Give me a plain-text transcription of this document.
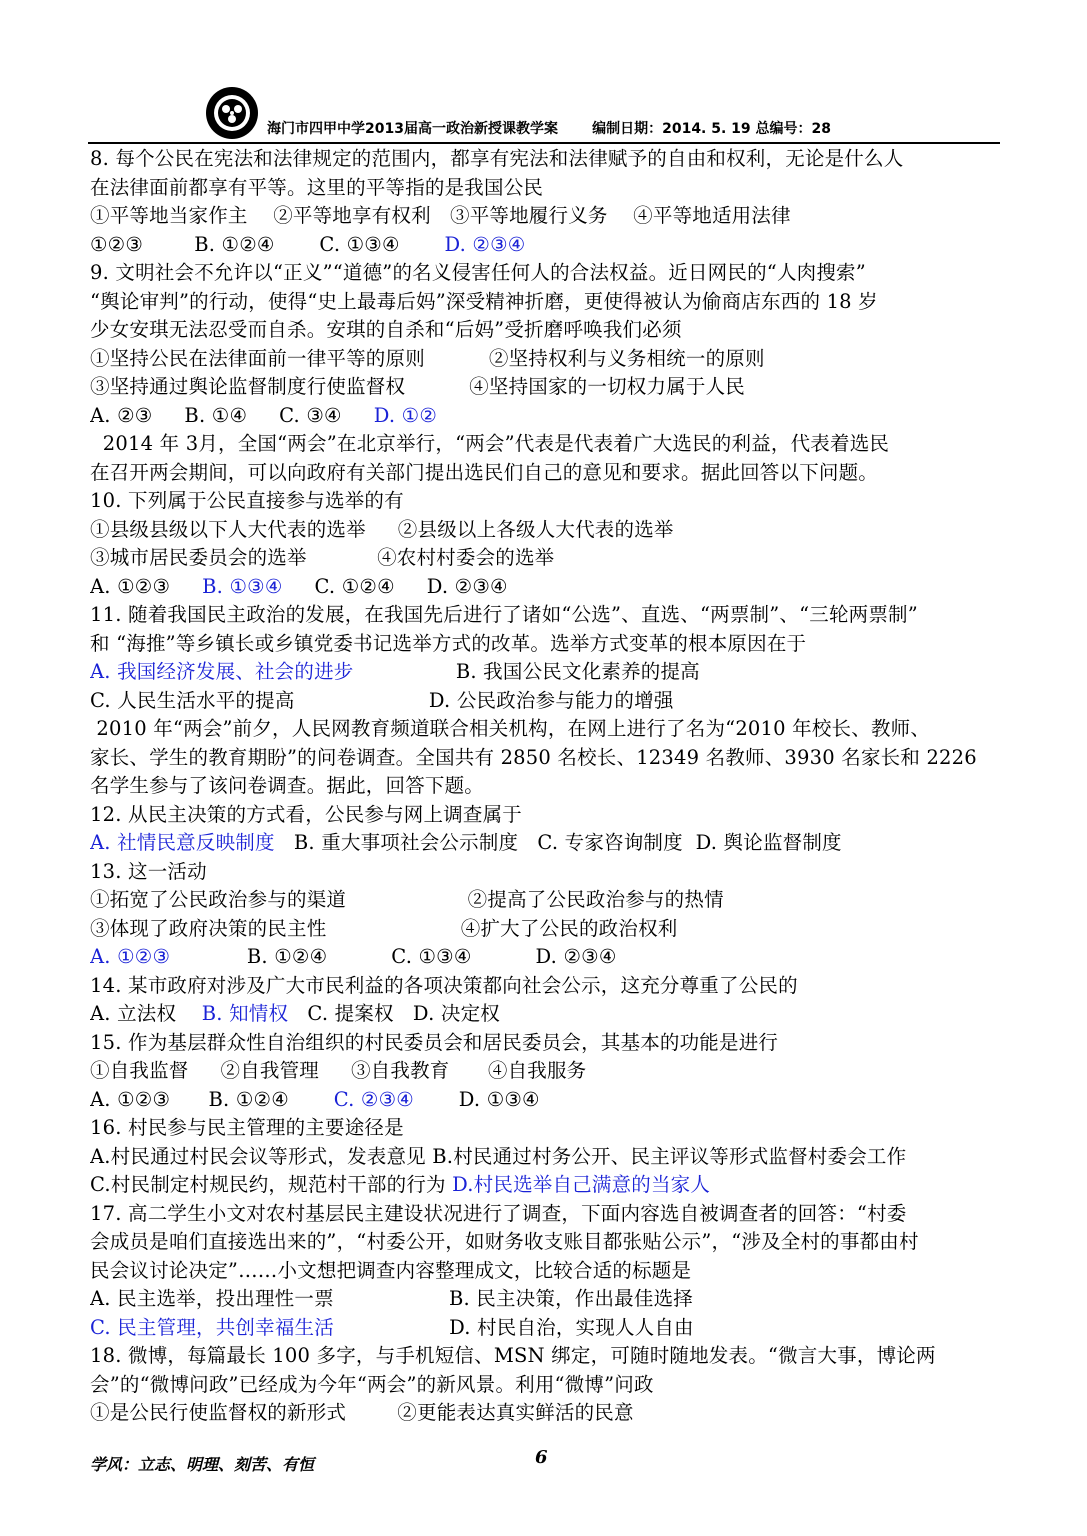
海门市四甲中学2013届高一政治新授课教学案 编制日期：2014. 5. 19 总编号：28
8. 每个公民在宪法和法律规定的范围内，都享有宪法和法律赋予的自由和权利，无论是什么人
在法律面前都享有平等。这里的平等指的是我国公民
①平等地当家作主    ②平等地享有权利   ③平等地履行义务    ④平等地适用法律
①②③        B. ①②④       C. ①③④       D. ②③④
9. 文明社会不允许以“正义”“道德”的名义侵害任何人的合法权益。近日网民的“人肉搜索”
“舆论审判”的行动，使得“史上最毒后妈”深受精神折磨，更使得被认为偷商店东西的 18 岁
少女安琪无法忍受而自杀。安琪的自杀和“后妈”受折磨呼唤我们必须
①坚持公民在法律面前一律平等的原则          ②坚持权利与义务相统一的原则
③坚持通过舆论监督制度行使监督权          ④坚持国家的一切权力属于人民
A. ②③     B. ①④     C. ③④     D. ①②
2014 年 3月，全国“两会”在北京举行，“两会”代表是代表着广大选民的利益，代表着选民
在召开两会期间，可以向政府有关部门提出选民们自己的意见和要求。据此回答以下问题。
10. 下列属于公民直接参与选举的有
①县级县级以下人大代表的选举     ②县级以上各级人大代表的选举
③城市居民委员会的选举           ④农村村委会的选举
A. ①②③     B. ①③④     C. ①②④     D. ②③④
11. 随着我国民主政治的发展，在我国先后进行了诸如“公选”、直选、“两票制”、“三轮两票制”
和 “海推”等乡镇长或乡镇党委书记选举方式的改革。选举方式变革的根本原因在于
A. 我国经济发展、社会的进步                B. 我国公民文化素养的提高
C. 人民生活水平的提高                     D. 公民政治参与能力的增强
2010 年“两会”前夕，人民网教育频道联合相关机构，在网上进行了名为“2010 年校长、教师、
家长、学生的教育期盼”的问卷调查。全国共有 2850 名校长、12349 名教师、3930 名家长和 2226
名学生参与了该问卷调查。据此，回答下题。
12. 从民主决策的方式看，公民参与网上调查属于
A. 社情民意反映制度   B. 重大事项社会公示制度   C. 专家咨询制度  D. 舆论监督制度
13. 这一活动
①拓宽了公民政治参与的渠道                   ②提高了公民政治参与的热情
③体现了政府决策的民主性                     ④扩大了公民的政治权利
A. ①②③            B. ①②④          C. ①③④          D. ②③④
14. 某市政府对涉及广大市民利益的各项决策都向社会公示，这充分尊重了公民的
A. 立法权    B. 知情权   C. 提案权   D. 决定权
15. 作为基层群众性自治组织的村民委员会和居民委员会，其基本的功能是进行
①自我监督     ②自我管理     ③自我教育      ④自我服务
A. ①②③      B. ①②④       C. ②③④       D. ①③④
16. 村民参与民主管理的主要途径是
A.村民通过村民会议等形式，发表意见 B.村民通过村务公开、民主评议等形式监督村委会工作
C.村民制定村规民约，规范村干部的行为 D.村民选举自己满意的当家人
17. 高二学生小文对农村基层民主建设状况进行了调查，下面内容选自被调查者的回答：“村委
会成员是咱们直接选出来的”，“村委公开，如财务收支账目都张贴公示”，“涉及全村的事都由村
民会议讨论决定”……小文想把调查内容整理成文，比较合适的标题是
A. 民主选举，投出理性一票                  B. 民主决策，作出最佳选择
C. 民主管理，共创幸福生活                  D. 村民自治，实现人人自由
18. 微博，每篇最长 100 多字，与手机短信、MSN 绑定，可随时随地发表。“微言大事，博论两
会”的“微博问政”已经成为今年“两会”的新风景。利用“微博”问政
①是公民行使监督权的新形式        ②更能表达真实鲜活的民意
学风：立志、明理、刻苦、有恒	6
